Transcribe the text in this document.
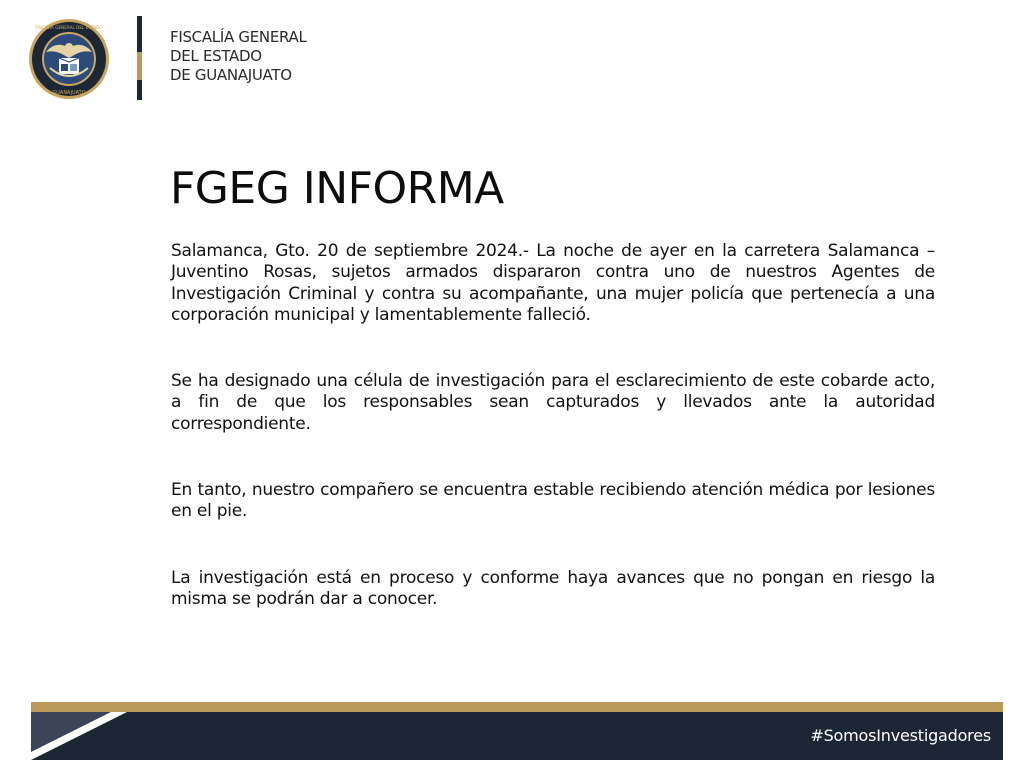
FISCALÍA GENERAL DEL ESTADO
GUANAJUATO
FISCALÍA GENERAL
DEL ESTADO
DE GUANAJUATO
FGEG INFORMA

Salamanca, Gto. 20 de septiembre 2024.- La noche de ayer en la carretera Salamanca – Juventino Rosas, sujetos armados dispararon contra uno de nuestros Agentes de Investigación Criminal y contra su acompañante, una mujer policía que pertenecía a una corporación municipal y lamentablemente falleció.

Se ha designado una célula de investigación para el esclarecimiento de este cobarde acto, a fin de que los responsables sean capturados y llevados ante la autoridad correspondiente.

En tanto, nuestro compañero se encuentra estable recibiendo atención médica por lesiones en el pie.

La investigación está en proceso y conforme haya avances que no pongan en riesgo la misma se podrán dar a conocer.

#SomosInvestigadores
